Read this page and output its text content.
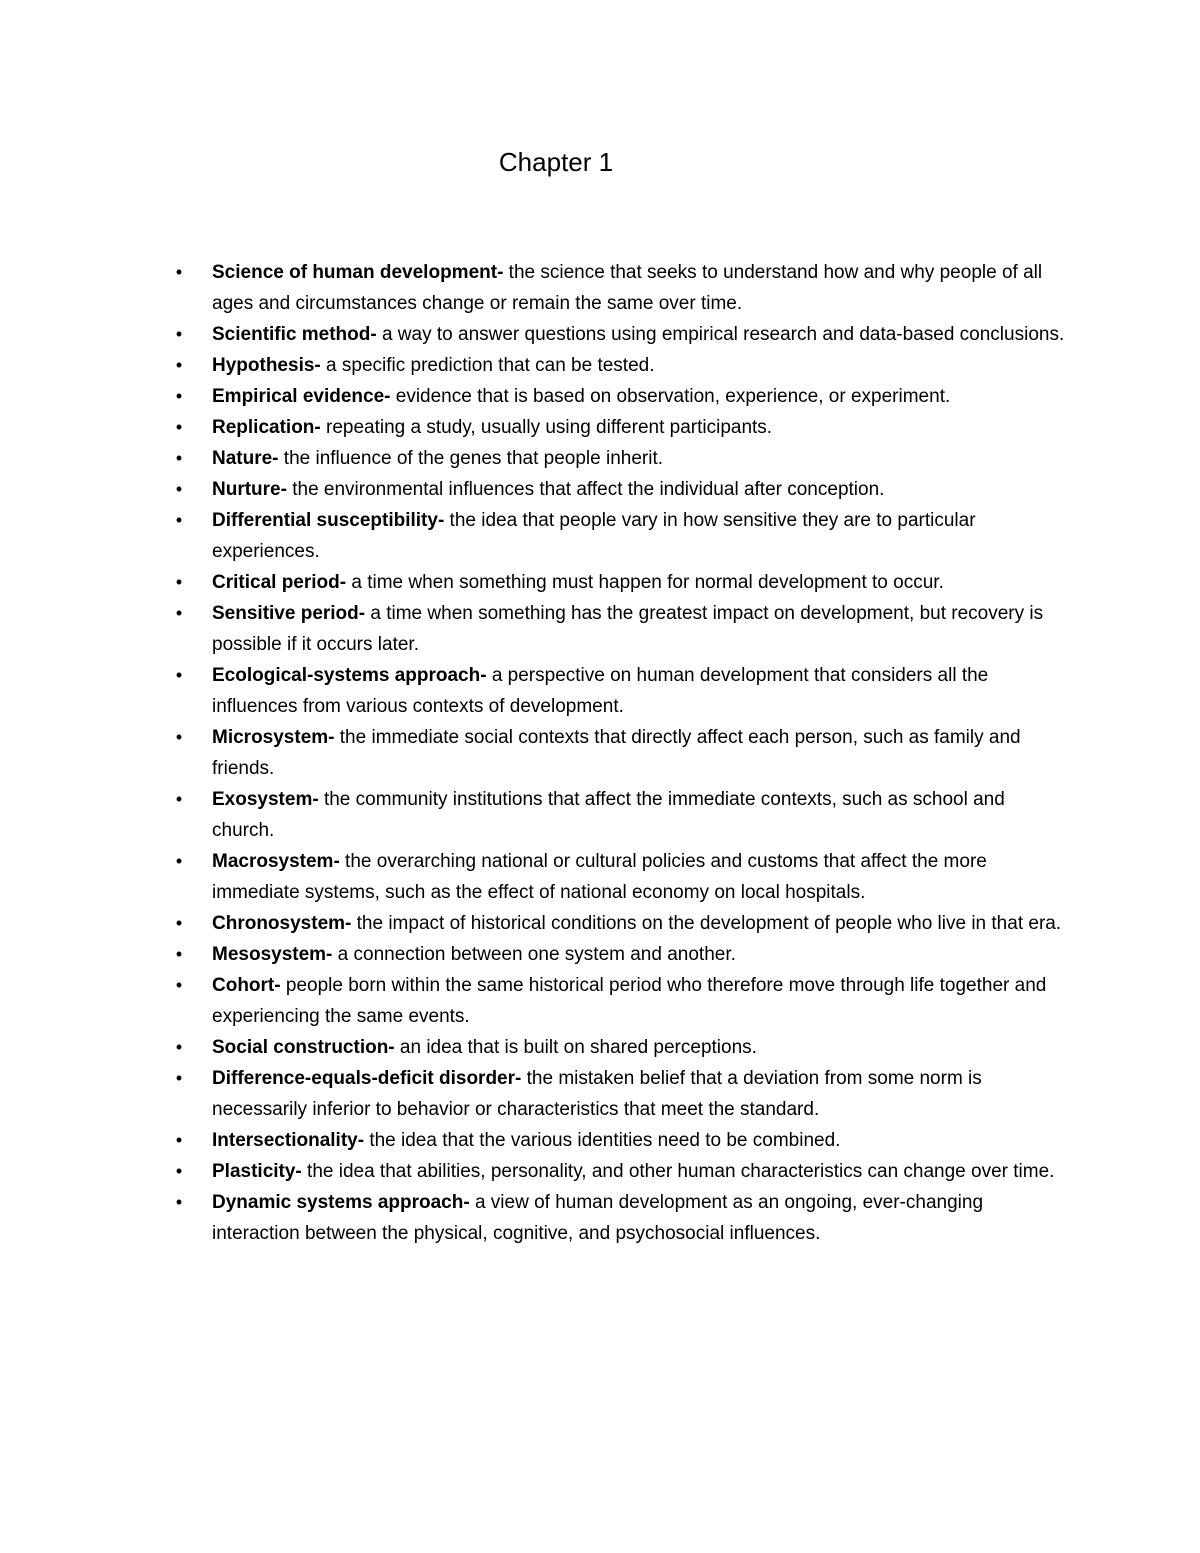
Chapter 1
• Science of human development- the science that seeks to understand how and why people of all ages and circumstances change or remain the same over time.
• Scientific method- a way to answer questions using empirical research and data-based conclusions.
• Hypothesis- a specific prediction that can be tested.
• Empirical evidence- evidence that is based on observation, experience, or experiment.
• Replication- repeating a study, usually using different participants.
• Nature- the influence of the genes that people inherit.
• Nurture- the environmental influences that affect the individual after conception.
• Differential susceptibility- the idea that people vary in how sensitive they are to particular experiences.
• Critical period- a time when something must happen for normal development to occur.
• Sensitive period- a time when something has the greatest impact on development, but recovery is possible if it occurs later.
• Ecological-systems approach- a perspective on human development that considers all the influences from various contexts of development.
• Microsystem- the immediate social contexts that directly affect each person, such as family and friends.
• Exosystem- the community institutions that affect the immediate contexts, such as school and church.
• Macrosystem- the overarching national or cultural policies and customs that affect the more immediate systems, such as the effect of national economy on local hospitals.
• Chronosystem- the impact of historical conditions on the development of people who live in that era.
• Mesosystem- a connection between one system and another.
• Cohort- people born within the same historical period who therefore move through life together and experiencing the same events.
• Social construction- an idea that is built on shared perceptions.
• Difference-equals-deficit disorder- the mistaken belief that a deviation from some norm is necessarily inferior to behavior or characteristics that meet the standard.
• Intersectionality- the idea that the various identities need to be combined.
• Plasticity- the idea that abilities, personality, and other human characteristics can change over time.
• Dynamic systems approach- a view of human development as an ongoing, ever-changing interaction between the physical, cognitive, and psychosocial influences.
